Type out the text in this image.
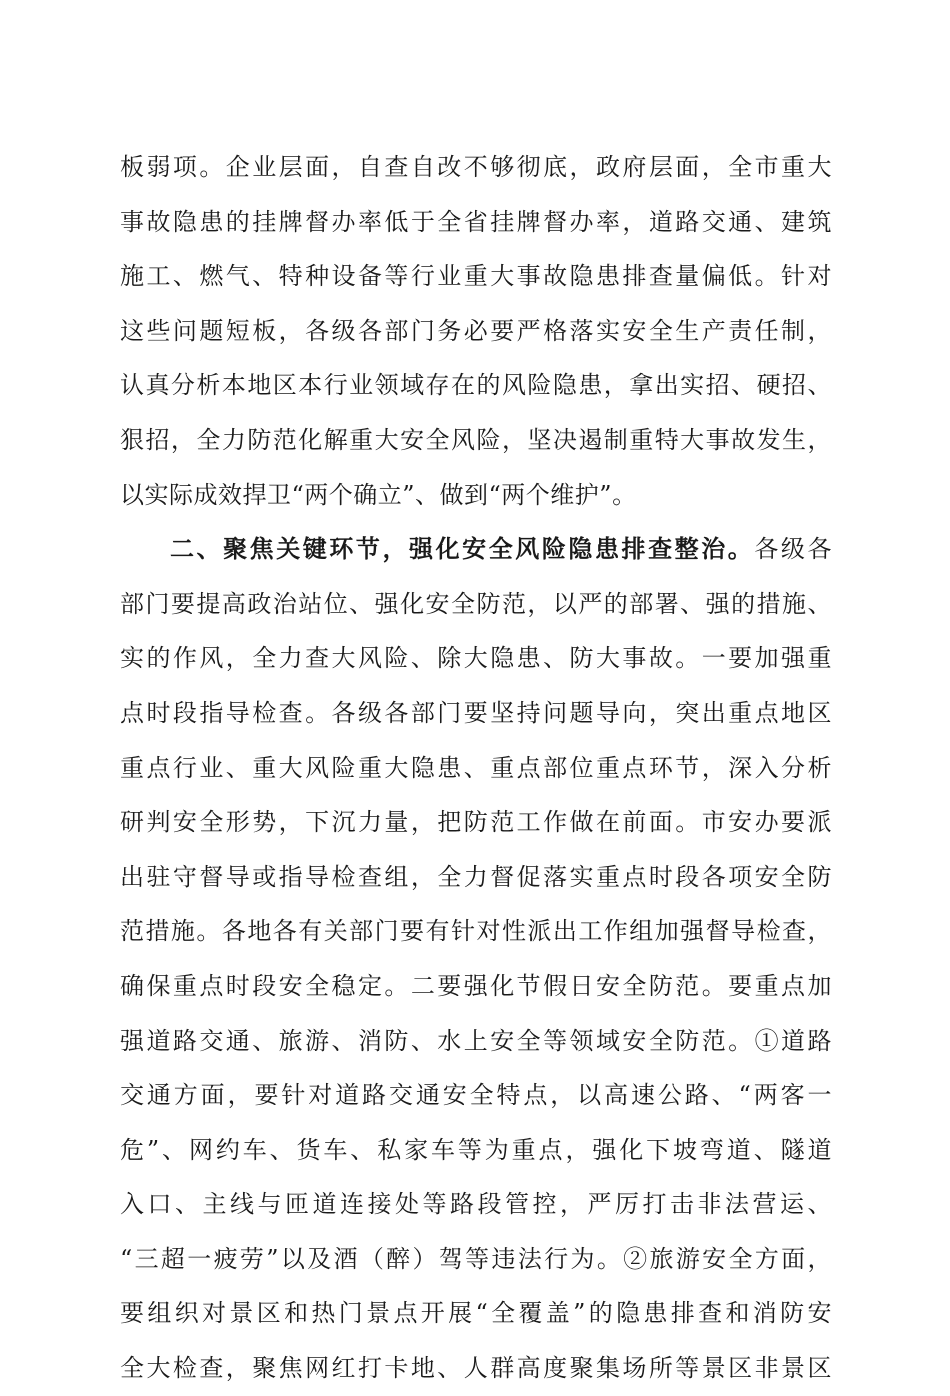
板弱项。企业层面，自查自改不够彻底，政府层面，全市重大
事故隐患的挂牌督办率低于全省挂牌督办率，道路交通、建筑
施工、燃气、特种设备等行业重大事故隐患排查量偏低。针对
这些问题短板，各级各部门务必要严格落实安全生产责任制，
认真分析本地区本行业领域存在的风险隐患，拿出实招、硬招、
狠招，全力防范化解重大安全风险，坚决遏制重特大事故发生，
以实际成效捍卫“两个确立”、做到“两个维护”。
二、聚焦关键环节，强化安全风险隐患排查整治。各级各
部门要提高政治站位、强化安全防范，以严的部署、强的措施、
实的作风，全力查大风险、除大隐患、防大事故。一要加强重
点时段指导检查。各级各部门要坚持问题导向，突出重点地区
重点行业、重大风险重大隐患、重点部位重点环节，深入分析
研判安全形势，下沉力量，把防范工作做在前面。市安办要派
出驻守督导或指导检查组，全力督促落实重点时段各项安全防
范措施。各地各有关部门要有针对性派出工作组加强督导检查，
确保重点时段安全稳定。二要强化节假日安全防范。要重点加
强道路交通、旅游、消防、水上安全等领域安全防范。①道路
交通方面，要针对道路交通安全特点，以高速公路、“两客一
危”、网约车、货车、私家车等为重点，强化下坡弯道、隧道
入口、主线与匝道连接处等路段管控，严厉打击非法营运、
“三超一疲劳”以及酒（醉）驾等违法行为。②旅游安全方面，
要组织对景区和热门景点开展“全覆盖”的隐患排查和消防安
全大检查，聚焦网红打卡地、人群高度聚集场所等景区非景区
